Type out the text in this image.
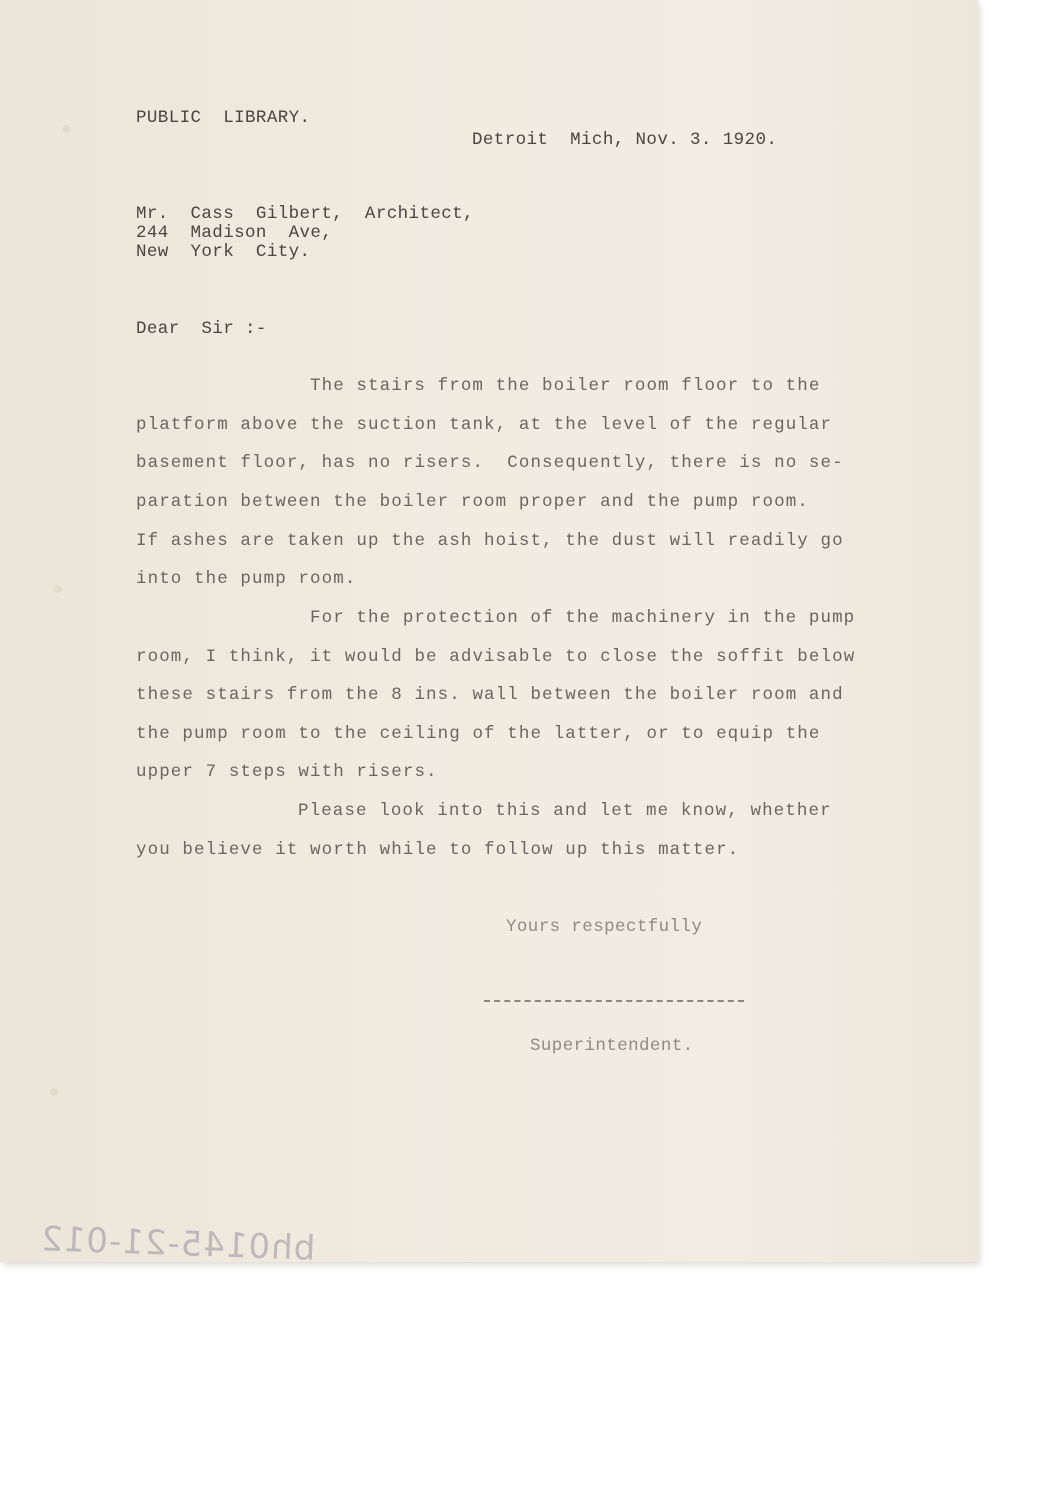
PUBLIC  LIBRARY.
Detroit  Mich, Nov. 3. 1920.
Mr.  Cass  Gilbert,  Architect,
244  Madison  Ave,
New  York  City.
Dear  Sir :-
The stairs from the boiler room floor to the
platform above the suction tank, at the level of the regular
basement floor, has no risers.  Consequently, there is no se-
paration between the boiler room proper and the pump room.
If ashes are taken up the ash hoist, the dust will readily go
into the pump room.
For the protection of the machinery in the pump
room, I think, it would be advisable to close the soffit below
these stairs from the 8 ins. wall between the boiler room and
the pump room to the ceiling of the latter, or to equip the
upper 7 steps with risers.
Please look into this and let me know, whether
you believe it worth while to follow up this matter.
Yours respectfully
Superintendent.
bh0145-21-012
